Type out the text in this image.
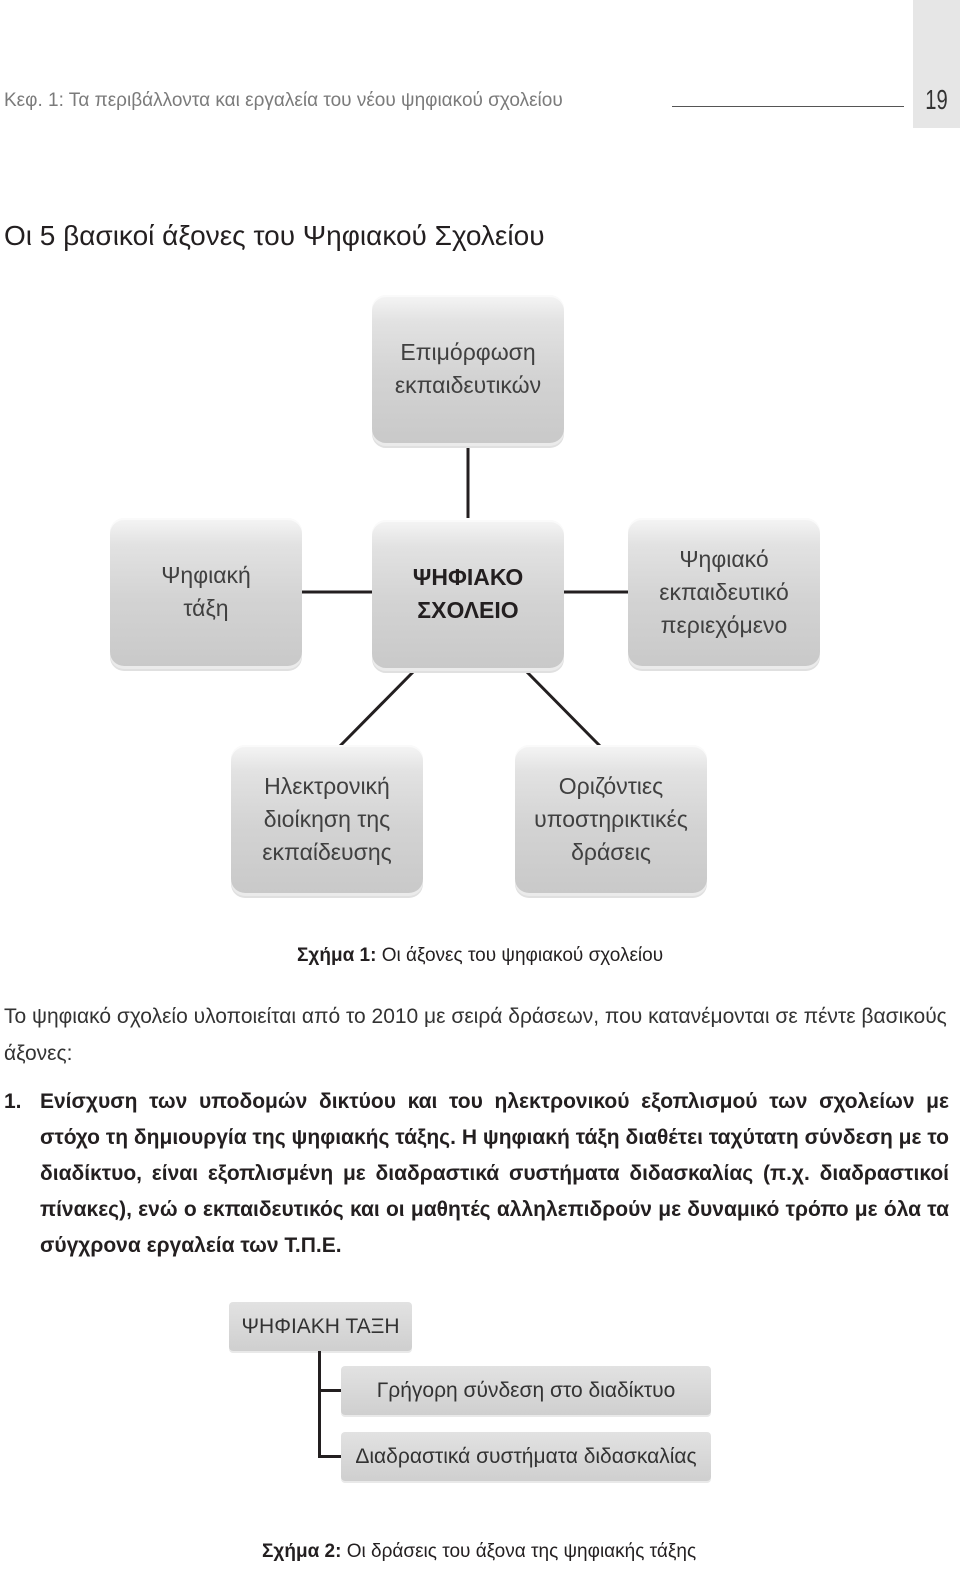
Κεφ. 1: Τα περιβάλλοντα και εργαλεία του νέου ψηφιακού σχολείου	19
Οι 5 βασικοί άξονες του Ψηφιακού Σχολείου
Επιμόρφωση
εκπαιδευτικών
Ψηφιακή
τάξη
ΨΗΦΙΑΚΟ
ΣΧΟΛΕΙΟ
Ψηφιακό
εκπαιδευτικό
περιεχόμενο
Ηλεκτρονική
διοίκηση της
εκπαίδευσης
Οριζόντιες
υποστηρικτικές
δράσεις
Σχήμα 1: Οι άξονες του ψηφιακού σχολείου
Το ψηφιακό σχολείο υλοποιείται από το 2010 με σειρά δράσεων, που κατανέμονται σε πέντε βασικούς άξονες:
1. Ενίσχυση των υποδομών δικτύου και του ηλεκτρονικού εξοπλισμού των σχολείων με στόχο τη δημιουργία της ψηφιακής τάξης. Η ψηφιακή τάξη διαθέτει ταχύτατη σύνδεση με το διαδίκτυο, είναι εξοπλισμένη με διαδραστικά συστήματα διδασκαλίας (π.χ. διαδραστικοί πίνακες), ενώ ο εκπαιδευτικός και οι μαθητές αλληλεπιδρούν με δυναμικό τρόπο με όλα τα σύγχρονα εργαλεία των Τ.Π.Ε.
ΨΗΦΙΑΚΗ ΤΑΞΗ
Γρήγορη σύνδεση στο διαδίκτυο
Διαδραστικά συστήματα διδασκαλίας
Σχήμα 2: Οι δράσεις του άξονα της ψηφιακής τάξης
